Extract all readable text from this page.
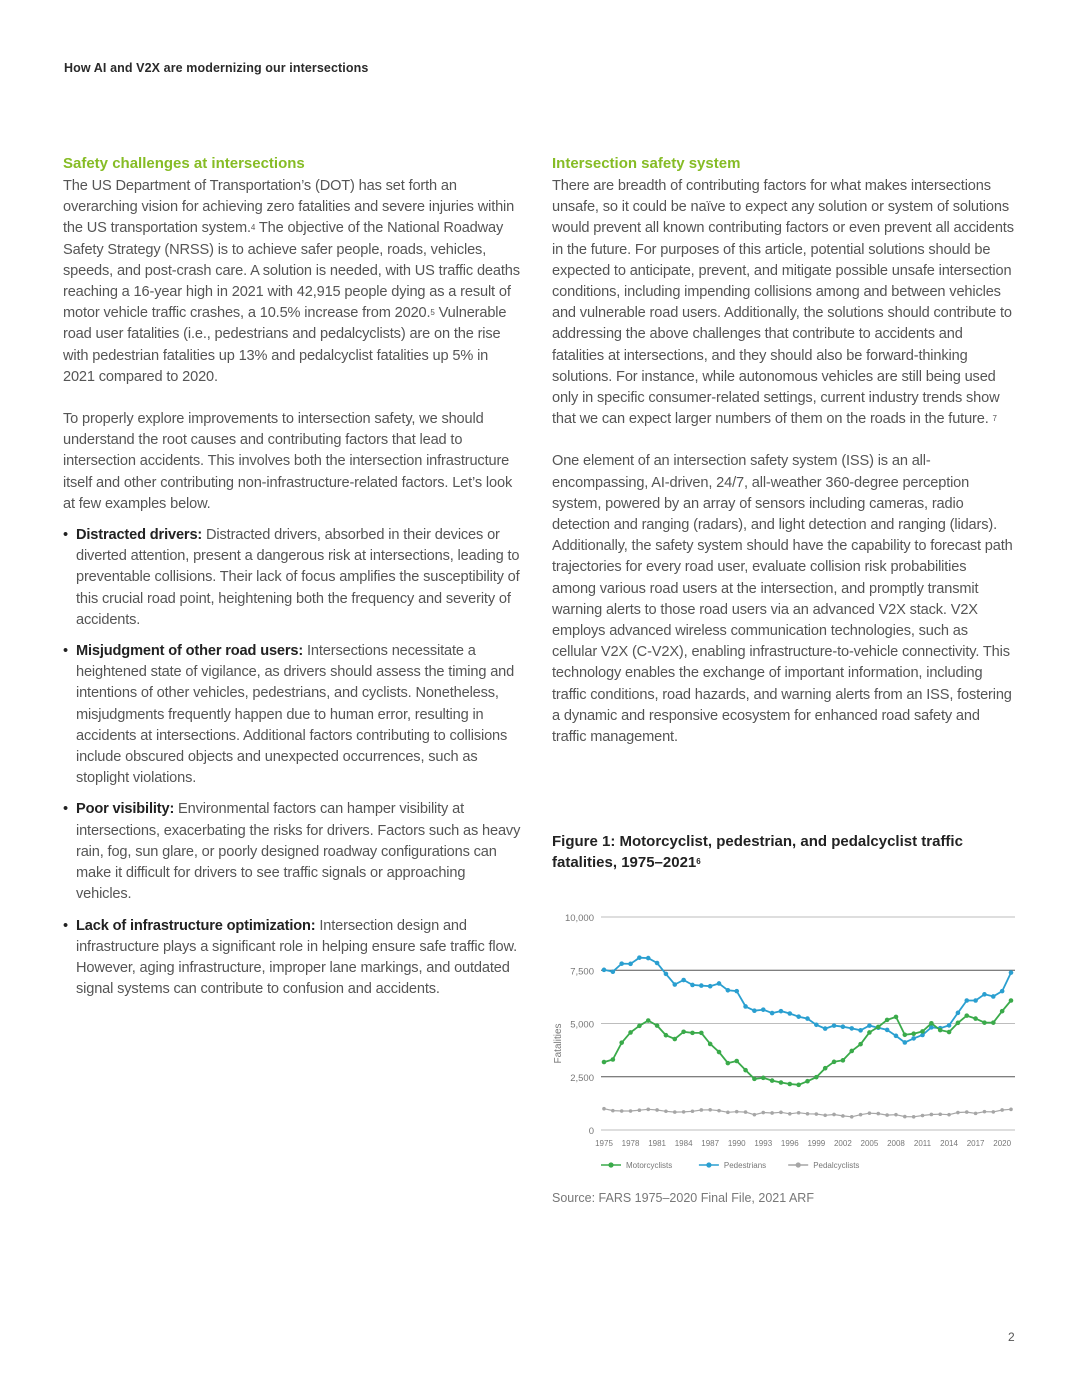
How AI and V2X are modernizing our intersections
Safety challenges at intersections

The US Department of Transportation’s (DOT) has set forth an overarching vision for achieving zero fatalities and severe injuries within the US transportation system.$^4$ The objective of the National Roadway Safety Strategy (NRSS) is to achieve safer people, roads, vehicles, speeds, and post-crash care. A solution is needed, with US traffic deaths reaching a 16-year high in 2021 with 42,915 people dying as a result of motor vehicle traffic crashes, a 10.5% increase from 2020.$^5$ Vulnerable road user fatalities (i.e., pedestrians and pedalcyclists) are on the rise with pedestrian fatalities up 13% and pedalcyclist fatalities up 5% in 2021 compared to 2020.

To properly explore improvements to intersection safety, we should understand the root causes and contributing factors that lead to intersection accidents. This involves both the intersection infrastructure itself and other contributing non-infrastructure-related factors. Let’s look at few examples below.

• Distracted drivers: Distracted drivers, absorbed in their devices or diverted attention, present a dangerous risk at intersections, leading to preventable collisions. Their lack of focus amplifies the susceptibility of this crucial road point, heightening both the frequency and severity of accidents.
• Misjudgment of other road users: Intersections necessitate a heightened state of vigilance, as drivers should assess the timing and intentions of other vehicles, pedestrians, and cyclists. Nonetheless, misjudgments frequently happen due to human error, resulting in accidents at intersections. Additional factors contributing to collisions include obscured objects and unexpected occurrences, such as stoplight violations.
• Poor visibility: Environmental factors can hamper visibility at intersections, exacerbating the risks for drivers. Factors such as heavy rain, fog, sun glare, or poorly designed roadway configurations can make it difficult for drivers to see traffic signals or approaching vehicles.
• Lack of infrastructure optimization: Intersection design and infrastructure plays a significant role in helping ensure safe traffic flow. However, aging infrastructure, improper lane markings, and outdated signal systems can contribute to confusion and accidents.
Intersection safety system

There are breadth of contributing factors for what makes intersections unsafe, so it could be naïve to expect any solution or system of solutions would prevent all known contributing factors or even prevent all accidents in the future. For purposes of this article, potential solutions should be expected to anticipate, prevent, and mitigate possible unsafe intersection conditions, including impending collisions among and between vehicles and vulnerable road users. Additionally, the solutions should contribute to addressing the above challenges that contribute to accidents and fatalities at intersections, and they should also be forward-thinking solutions. For instance, while autonomous vehicles are still being used only in specific consumer-related settings, current industry trends show that we can expect larger numbers of them on the roads in the future. $^7$

One element of an intersection safety system (ISS) is an all-encompassing, AI-driven, 24/7, all-weather 360-degree perception system, powered by an array of sensors including cameras, radio detection and ranging (radars), and light detection and ranging (lidars). Additionally, the safety system should have the capability to forecast path trajectories for every road user, evaluate collision risk probabilities among various road users at the intersection, and promptly transmit warning alerts to those road users via an advanced V2X stack. V2X employs advanced wireless communication technologies, such as cellular V2X (C-V2X), enabling infrastructure-to-vehicle connectivity. This technology enables the exchange of important information, including traffic conditions, road hazards, and warning alerts from an ISS, fostering a dynamic and responsive ecosystem for enhanced road safety and traffic management.

Figure 1: Motorcyclist, pedestrian, and pedalcyclist traffic fatalities, 1975–2021$^6$
0
2,500
5,000
7,500
10,000
Fatalities
1975 1978 1981 1984 1987 1990 1993 1996 1999 2002 2005 2008 2011 2014 2017 2020
Motorcyclists	Pedestrians	Pedalcyclists
Source: FARS 1975–2020 Final File, 2021 ARF
2
